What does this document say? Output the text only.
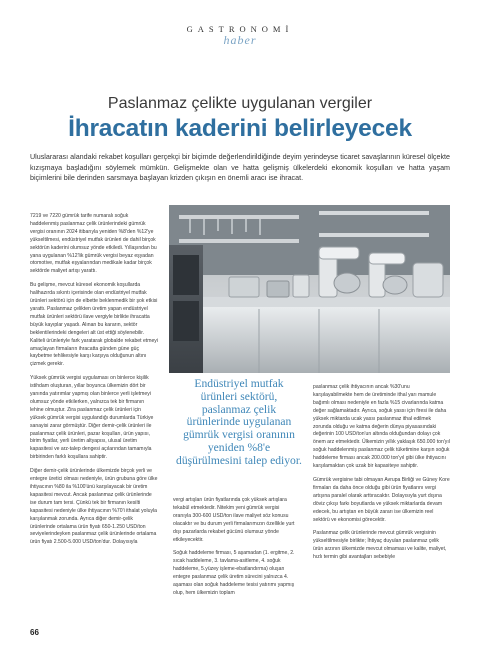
GASTRONOMİ
haber
Paslanmaz çelikte uygulanan vergiler
İhracatın kaderini belirleyecek
Uluslararası alandaki rekabet koşulları gerçekçi bir biçimde değerlendirildiğinde deyim yerindeyse ticaret savaşlarının küresel ölçekte kızışmaya başladığını söylemek mümkün. Gelişmekte olan ve hatta gelişmiş ülkelerdeki ekonomik koşulları ve hatta yaşam biçimlerini bile derinden sarsmaya başlayan krizden çıkışın en önemli aracı ise ihracat.

7219 ve 7220 gümrük tarife numaralı soğuk haddelenmiş paslanmaz çelik ürünlerindeki gümrük vergisi oranının 2024 itibarıyla yeniden %8'den %12'ye yükseltilmesi, endüstriyel mutfak ürünleri de dahil birçok sektörün kaderini olumsuz yönde etkiledi. Yıllaşından bu yana uygulanan %12'lik gümrük vergisi beyaz eşyadan otomotive, mutfak eşyalarından medikale kadar birçok sektörde maliyet artışı yarattı.

Bu gelişme, mevcut küresel ekonomik koşullarda halihazırda sıkıntı içerisinde olan endüstriyel mutfak ürünleri sektörü için de elbette beklenmedik bir şok etkisi yarattı. Paslanmaz çelikten üretim yapan endüstriyel mutfak ürünleri sektörü ilave vergiyle birlikte ihracatta büyük kayıplar yaşadı. Alınan bu kararın, sektör beklentilerindeki dengeleri alt üst ettiği söylenebilir. Kaliteli ürünleriyle fark yaratarak globalde rekabet etmeyi amaçlayan firmaların ihracatta günden güne güç kaybetme tehlikesiyle karşı karşıya olduğunun altını çizmek gerekir.

Yüksek gümrük vergisi uygulaması on binlerce kişilik istihdam oluşturan, yıllar boyunca ülkemizin dört bir yanında yatırımlar yapmış olan binlerce yerli işletmeyi olumsuz yönde etkilerken, yalnızca tek bir firmanın lehine olmuştur. Zira paslanmaz çelik ürünleri için yüksek gümrük vergisi uygulandığı durumlarda Türkiye sanayisi zarar görmüştür. Diğer demir-çelik ürünleri ile paslanmaz çelik ürünleri, pazar koşulları, ürün yapısı, birim fiyatlar, yerli üretim altyapısı, ulusal üretim kapasitesi ve arz-talep dengesi açılarından tamamıyla birbirinden farklı koşullara sahiptir.

Diğer demir-çelik ürünlerinde ülkemizde birçok yerli ve entegre üretici olması nedeniyle, ürün grubuna göre ülke ihtiyacının %80 ila %100'ünü karşılayacak bir üretim kapasitesi mevcut. Ancak paslanmaz çelik ürünlerinde ise durum tam tersi. Çünkü tek bir firmanın kesilti kapasitesi nedeniyle ülke ihtiyacının %70'i ithalat yoluyla karşılanmak zorunda. Ayrıca diğer demir-çelik ürünlerinde ortalama ürün fiyatı 650-1.250 USD/ton seviyelerindeyken paslanmaz çelik ürünlerinde ortalama ürün fiyatı 2.500-5.000 USD/ton'dur. Dolayısıyla

Endüstriyel mutfak ürünleri sektörü, paslanmaz çelik ürünlerinde uygulanan gümrük vergisi oranının yeniden %8'e düşürülmesini talep ediyor.

vergi artışları ürün fiyatlarında çok yüksek artışlara tekabül etmektedir. Nitekim yeni gümrük vergisi oranıyla 300-600 USD/ton ilave maliyet söz konusu olacaktır ve bu durum yerli firmalarımızın özellikle yurt dışı pazarlarda rekabet gücünü olumsuz yönde etkileyecektir.

Soğuk haddeleme firması, 5 aşamadan (1. ergitme, 2. sıcak haddeleme, 3. tavlama-asitleme, 4. soğuk haddeleme, 5.yüzey işleme-ebatlandırma) oluşan entegre paslanmaz çelik üretim sürecini yalnızca 4. aşaması olan soğuk haddeleme tesisi yatırımı yapmış olup, hem ülkemizin toplam

paslanmaz çelik ihtiyacının ancak %30'unu karşılayabilmekte hem de üretiminde ithal yarı mamule bağımlı olması nedeniyle en fazla %15 civarlarında katma değer sağlamaktadır. Ayrıca, soğuk yassı için firesi ile daha yüksek miktarda ucak yassı paslanmaz ithal edilmek zorunda olduğu ve katma değerin dünya piyasasındaki değerinin 100 USD/ton'un altında olduğundan dolayı çok önem arz etmektedir. Ülkemizin yıllık yaklaşık 650.000 ton'yıl soğuk haddelenmiş paslanmaz çelik tüketimine karşın soğuk haddeleme firması ancak 200.000 ton'yıl gibi ülke ihtiyacını karşılamaktan çok uzak bir kapasiteye sahiptir.

Gümrük vergisine tabi olmayan Avrupa Birliği ve Güney Kore firmaları da daha önce olduğu gibi ürün fiyatlarını vergi artışına paralel olarak arttıracaktır. Dolayısıyla yurt dışına döviz çıkışı farkı boyutlarda ve yüksek miktarlarda devam edecek, bu artıştan en büyük zararı ise ülkemizin reel sektörü ve ekonomisi görecektir.

Paslanmaz çelik ürünlerinde mevcut gümrük vergisinin yükseltilmesiyle birlikte; İhtiyaç duyulan paslanmaz çelik ürün arzının ülkemizde mevcut olmaması ve kalite, maliyet, hızlı termin gibi avantajları sebebiyle

66
